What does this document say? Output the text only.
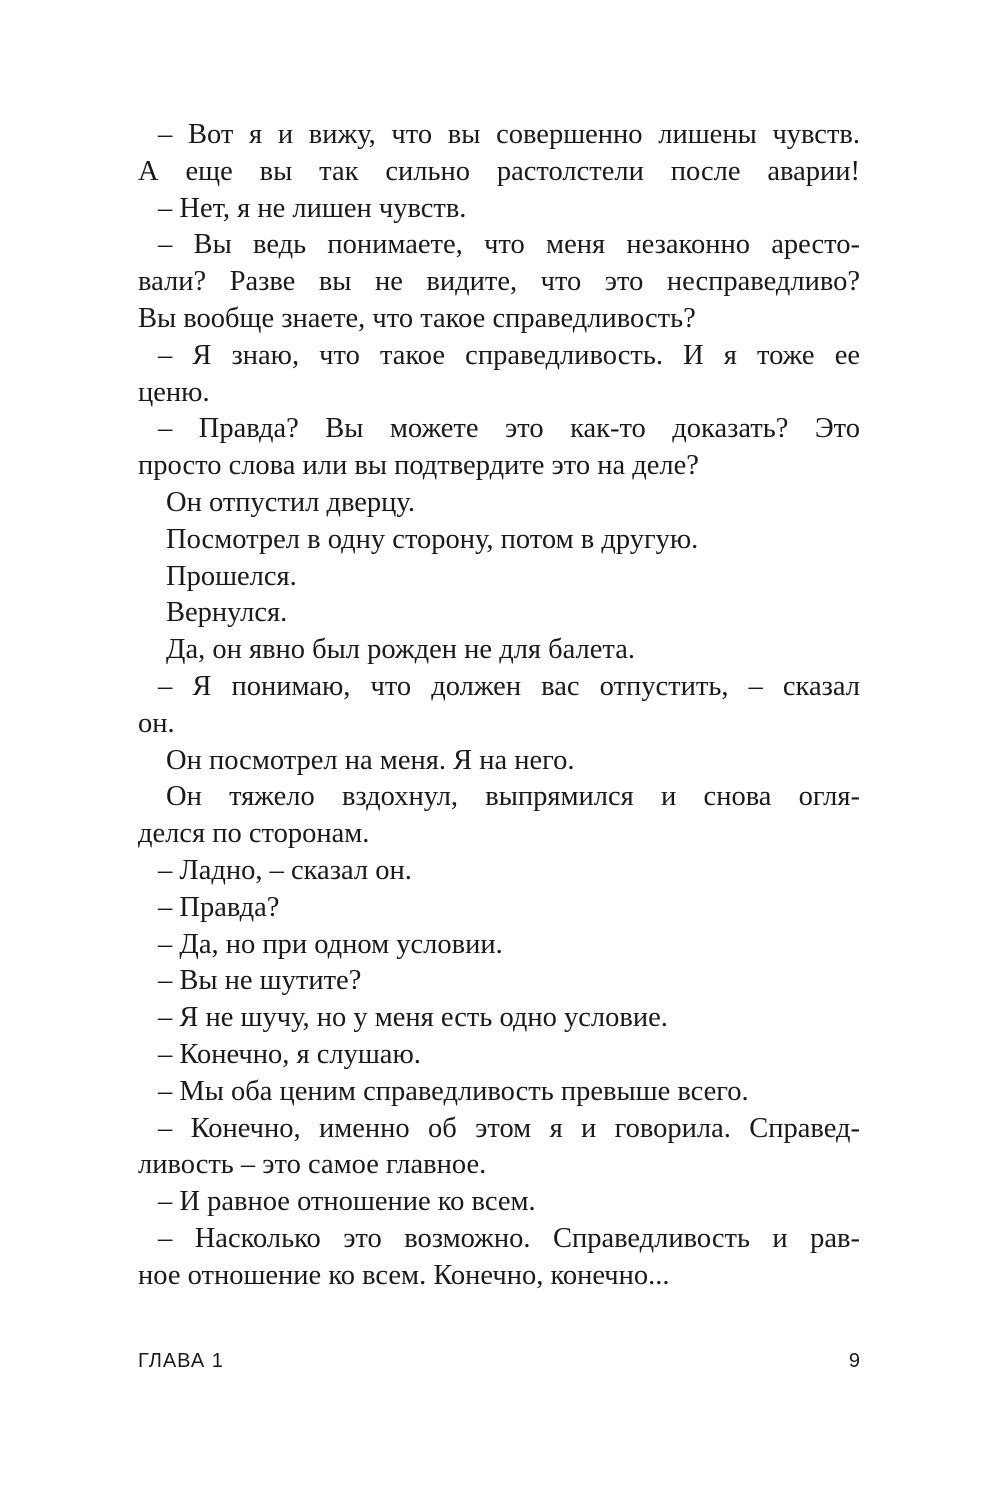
– Вот я и вижу, что вы совершенно лишены чувств.
А еще вы так сильно растолстели после аварии!
– Нет, я не лишен чувств.
– Вы ведь понимаете, что меня незаконно аресто-
вали? Разве вы не видите, что это несправедливо?
Вы вообще знаете, что такое справедливость?
– Я знаю, что такое справедливость. И я тоже ее
ценю.
– Правда? Вы можете это как-то доказать? Это
просто слова или вы подтвердите это на деле?
Он отпустил дверцу.
Посмотрел в одну сторону, потом в другую.
Прошелся.
Вернулся.
Да, он явно был рожден не для балета.
– Я понимаю, что должен вас отпустить, – сказал
он.
Он посмотрел на меня. Я на него.
Он тяжело вздохнул, выпрямился и снова огля-
делся по сторонам.
– Ладно, – сказал он.
– Правда?
– Да, но при одном условии.
– Вы не шутите?
– Я не шучу, но у меня есть одно условие.
– Конечно, я слушаю.
– Мы оба ценим справедливость превыше всего.
– Конечно, именно об этом я и говорила. Справед-
ливость – это самое главное.
– И равное отношение ко всем.
– Насколько это возможно. Справедливость и рав-
ное отношение ко всем. Конечно, конечно...
ГЛАВА 1	9
